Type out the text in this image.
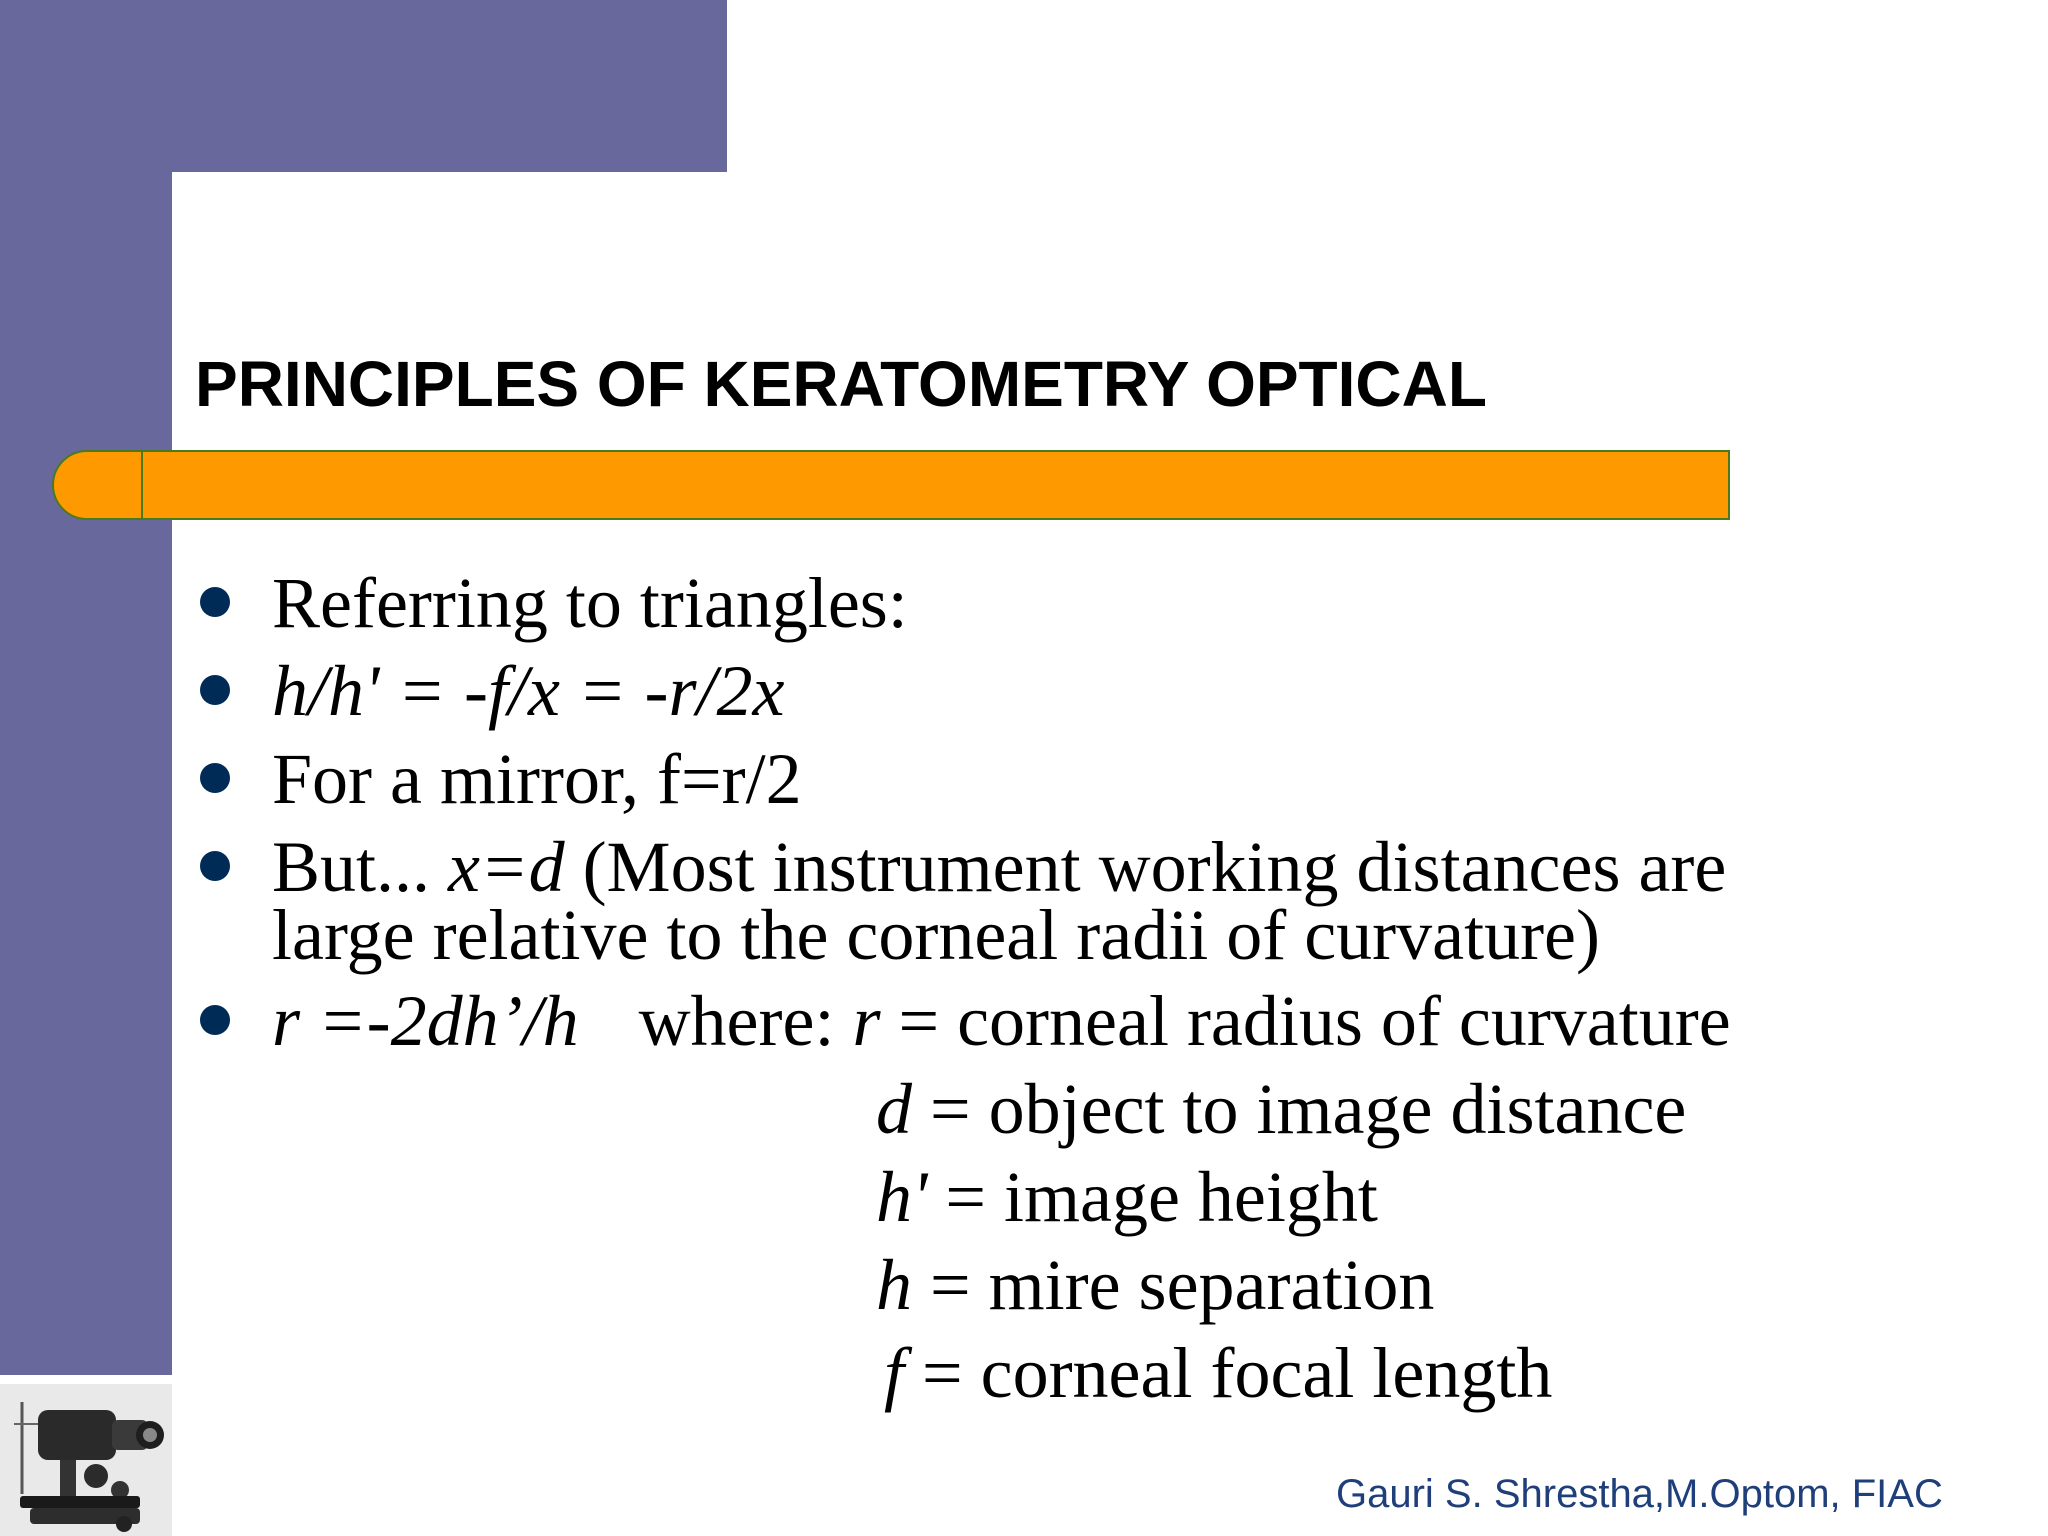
PRINCIPLES OF KERATOMETRY OPTICAL

Referring to triangles:

h/h' = -f/x = -r/2x

For a mirror, f=r/2

But... x=d (Most instrument working distances are

large relative to the corneal radii of curvature)

r =-2dh’/h where: r = corneal radius of curvature

d = object to image distance

h' = image height

h = mire separation

f = corneal focal length

Gauri S. Shrestha,M.Optom, FIAC
